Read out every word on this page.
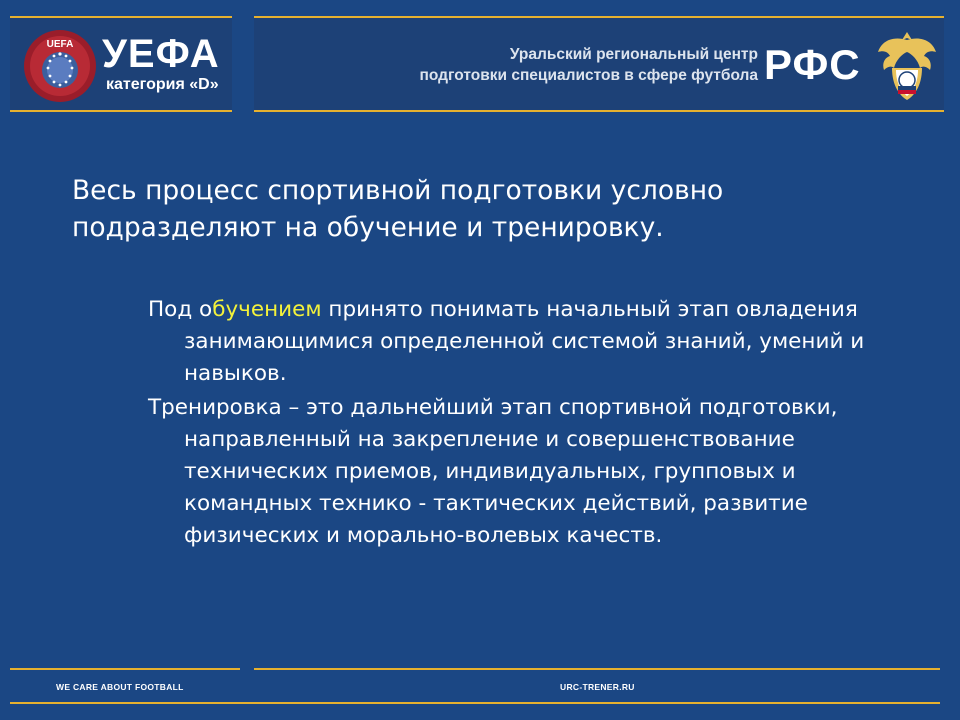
UEFA УЕФА
категория «D»
Уральский региональный центр
подготовки специалистов в сфере футбола РФС
Весь процесс спортивной подготовки условно подразделяют на обучение и тренировку.
Под обучением принято понимать начальный этап овладения занимающимися определенной системой знаний, умений и навыков.
Тренировка – это дальнейший этап спортивной подготовки, направленный на закрепление и совершенствование технических приемов, индивидуальных, групповых и командных технико - тактических действий, развитие физических и морально-волевых качеств.
WE CARE ABOUT FOOTBALL	URC-TRENER.RU
